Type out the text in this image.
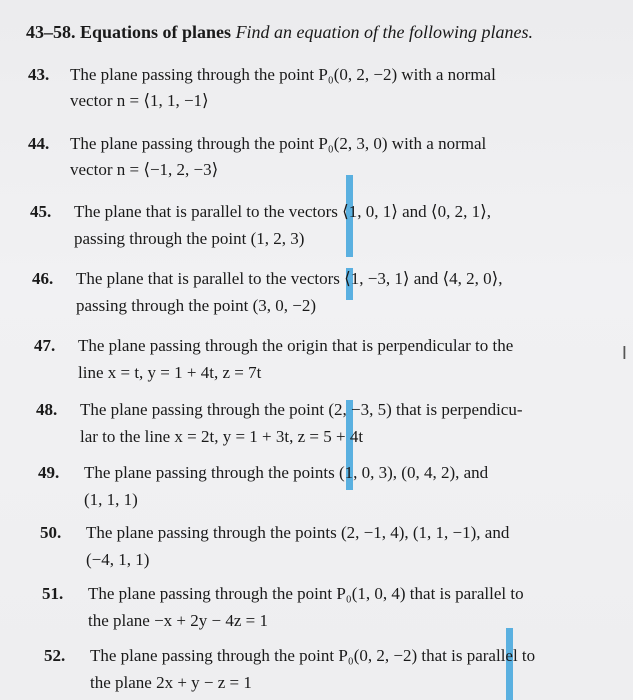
43–58. Equations of planes Find an equation of the following planes.
43. The plane passing through the point P₀(0, 2, −2) with a normal
vector n = ⟨1, 1, −1⟩
44. The plane passing through the point P₀(2, 3, 0) with a normal
vector n = ⟨−1, 2, −3⟩
45. The plane that is parallel to the vectors ⟨1, 0, 1⟩ and ⟨0, 2, 1⟩,
passing through the point (1, 2, 3)
46. The plane that is parallel to the vectors ⟨1, −3, 1⟩ and ⟨4, 2, 0⟩,
passing through the point (3, 0, −2)
47. The plane passing through the origin that is perpendicular to the
line x = t, y = 1 + 4t, z = 7t
48. The plane passing through the point (2, −3, 5) that is perpendicu-
lar to the line x = 2t, y = 1 + 3t, z = 5 + 4t
49. The plane passing through the points (1, 0, 3), (0, 4, 2), and
(1, 1, 1)
50. The plane passing through the points (2, −1, 4), (1, 1, −1), and
(−4, 1, 1)
51. The plane passing through the point P₀(1, 0, 4) that is parallel to
the plane −x + 2y − 4z = 1
52. The plane passing through the point P₀(0, 2, −2) that is parallel to
the plane 2x + y − z = 1
I
